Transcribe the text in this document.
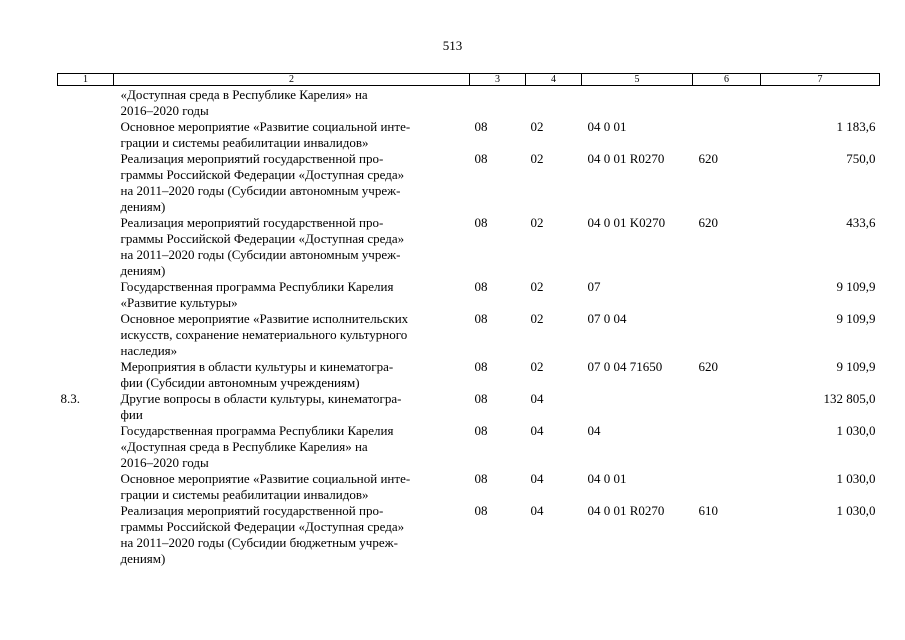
513
1	2	3	4	5	6	7
	«Доступная среда в Республике Карелия» на
2016–2020 годы					
	Основное мероприятие «Развитие социальной инте-
грации и системы реабилитации инвалидов»	08	02	04 0 01		1 183,6
	Реализация мероприятий государственной про-
граммы Российской Федерации «Доступная среда»
на 2011–2020 годы (Субсидии автономным учреж-
дениям)	08	02	04 0 01 R0270	620	750,0
	Реализация мероприятий государственной про-
граммы Российской Федерации «Доступная среда»
на 2011–2020 годы (Субсидии автономным учреж-
дениям)	08	02	04 0 01 K0270	620	433,6
	Государственная программа Республики Карелия
«Развитие культуры»	08	02	07		9 109,9
	Основное мероприятие «Развитие исполнительских
искусств, сохранение нематериального культурного
наследия»	08	02	07 0 04		9 109,9
	Мероприятия в области культуры и кинематогра-
фии (Субсидии автономным учреждениям)	08	02	07 0 04 71650	620	9 109,9
8.3.	Другие вопросы в области культуры, кинематогра-
фии	08	04			132 805,0
	Государственная программа Республики Карелия
«Доступная среда в Республике Карелия» на
2016–2020 годы	08	04	04		1 030,0
	Основное мероприятие «Развитие социальной инте-
грации и системы реабилитации инвалидов»	08	04	04 0 01		1 030,0
	Реализация мероприятий государственной про-
граммы Российской Федерации «Доступная среда»
на 2011–2020 годы (Субсидии бюджетным учреж-
дениям)	08	04	04 0 01 R0270	610	1 030,0
